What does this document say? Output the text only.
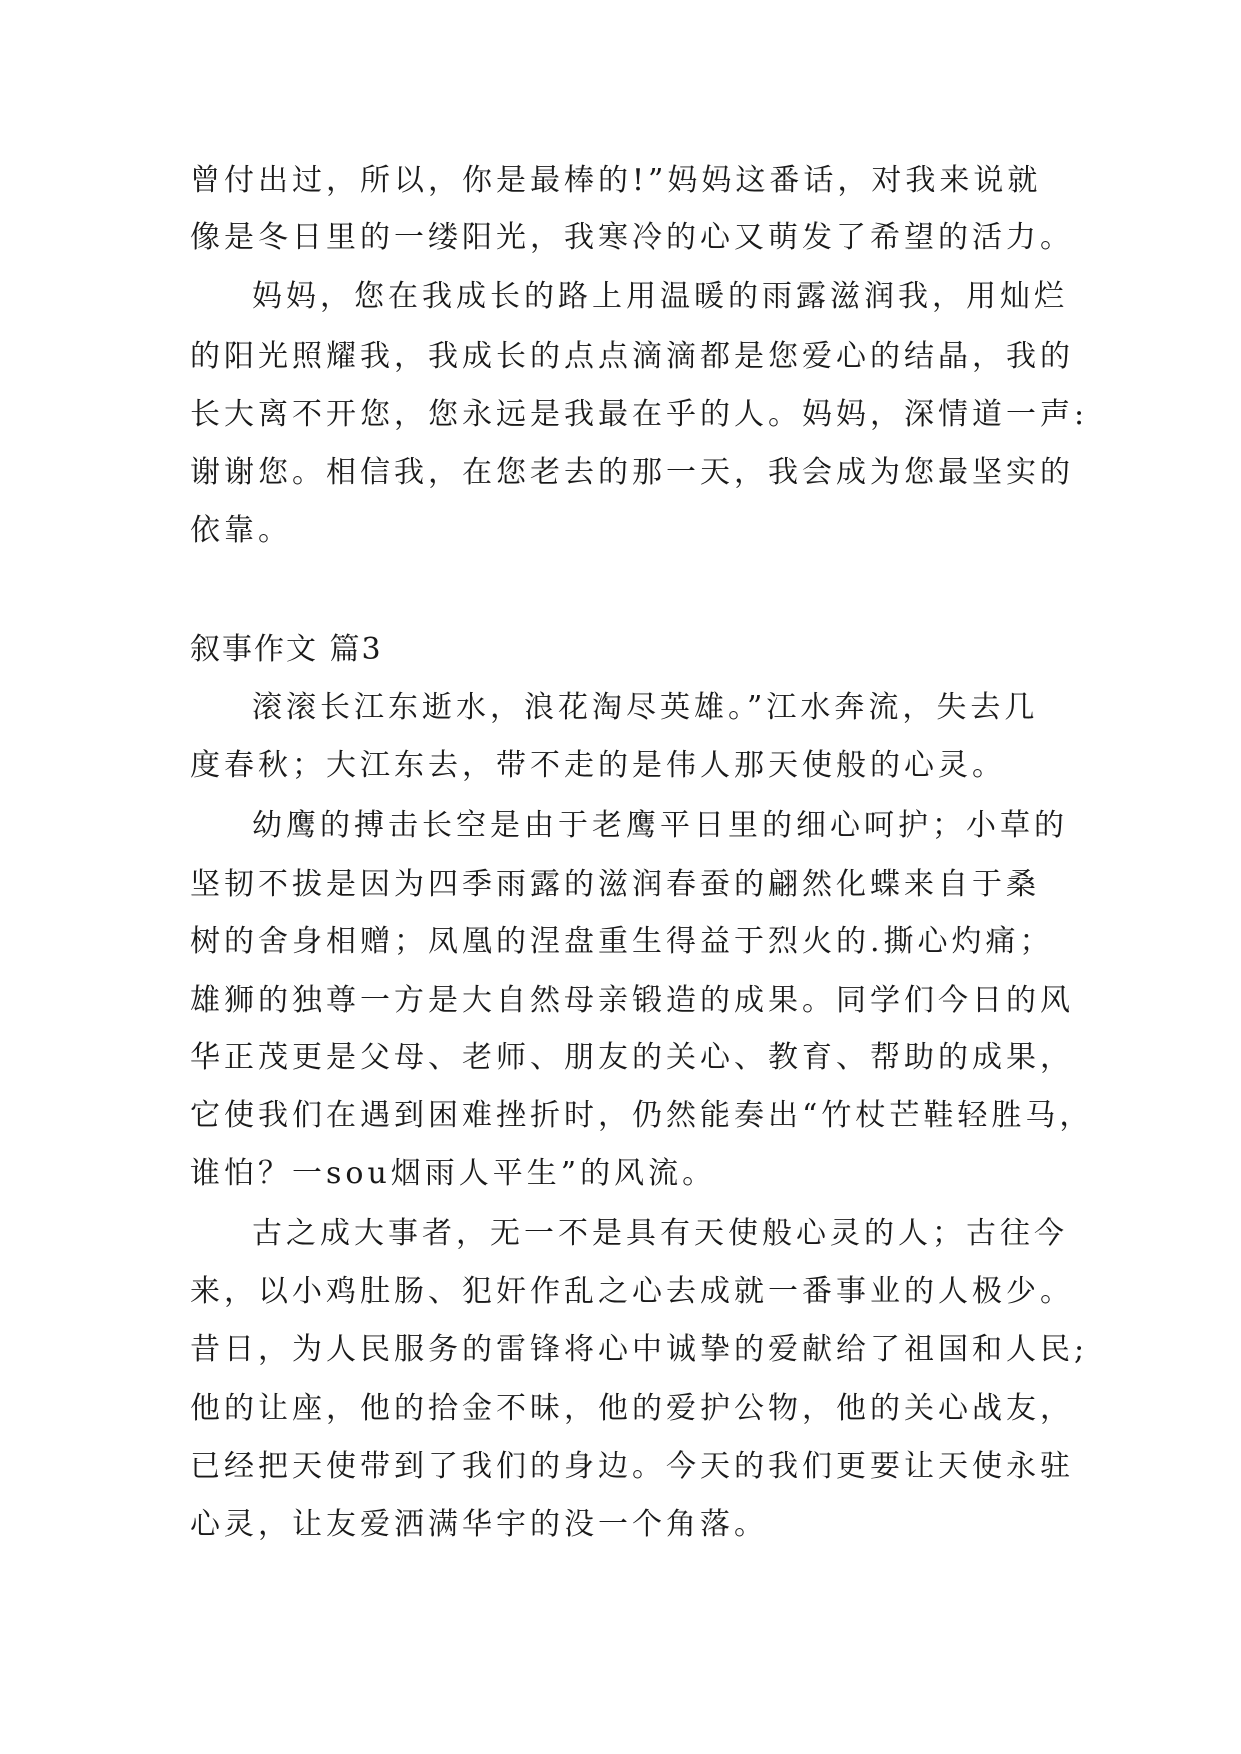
曾付出过，所以，你是最棒的!”妈妈这番话，对我来说就
像是冬日里的一缕阳光，我寒冷的心又萌发了希望的活力。
妈妈，您在我成长的路上用温暖的雨露滋润我，用灿烂
的阳光照耀我，我成长的点点滴滴都是您爱心的结晶，我的
长大离不开您，您永远是我最在乎的人。妈妈，深情道一声:
谢谢您。相信我，在您老去的那一天，我会成为您最坚实的
依靠。
叙事作文 篇3
滚滚长江东逝水，浪花淘尽英雄。”江水奔流，失去几
度春秋；大江东去，带不走的是伟人那天使般的心灵。
幼鹰的搏击长空是由于老鹰平日里的细心呵护；小草的
坚韧不拔是因为四季雨露的滋润春蚕的翩然化蝶来自于桑
树的舍身相赠；凤凰的涅盘重生得益于烈火的.撕心灼痛；
雄狮的独尊一方是大自然母亲锻造的成果。同学们今日的风
华正茂更是父母、老师、朋友的关心、教育、帮助的成果，
它使我们在遇到困难挫折时，仍然能奏出“竹杖芒鞋轻胜马，
谁怕？一sou烟雨人平生”的风流。
古之成大事者，无一不是具有天使般心灵的人；古往今
来，以小鸡肚肠、犯奸作乱之心去成就一番事业的人极少。
昔日，为人民服务的雷锋将心中诚挚的爱献给了祖国和人民;
他的让座，他的拾金不昧，他的爱护公物，他的关心战友，
已经把天使带到了我们的身边。今天的我们更要让天使永驻
心灵，让友爱洒满华宇的没一个角落。
